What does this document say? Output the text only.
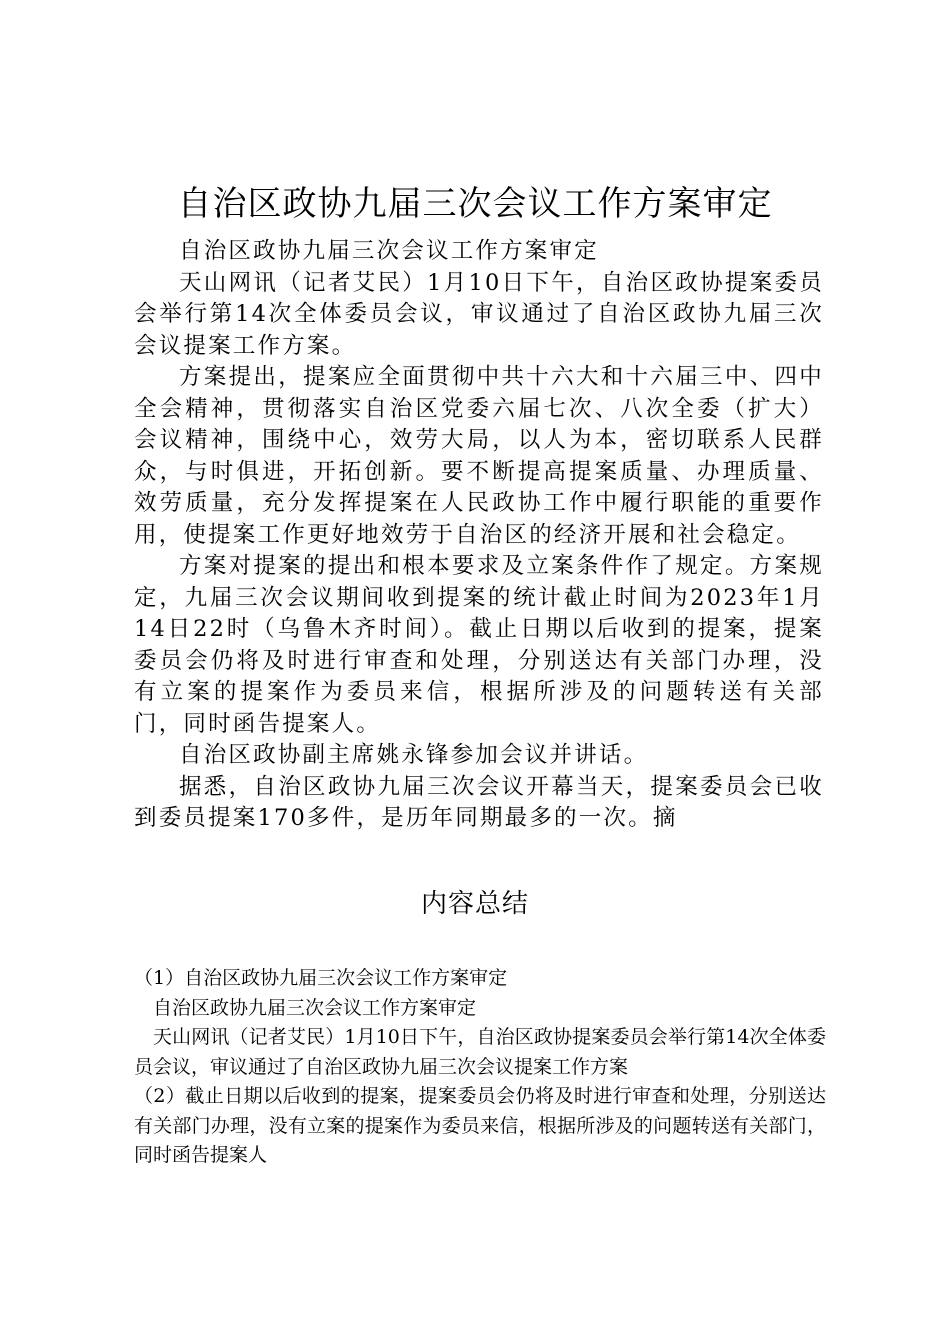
自治区政协九届三次会议工作方案审定

自治区政协九届三次会议工作方案审定

天山网讯（记者艾民）1月10日下午，自治区政协提案委员会举行第14次全体委员会议，审议通过了自治区政协九届三次会议提案工作方案。

方案提出，提案应全面贯彻中共十六大和十六届三中、四中全会精神，贯彻落实自治区党委六届七次、八次全委（扩大）会议精神，围绕中心，效劳大局，以人为本，密切联系人民群众，与时俱进，开拓创新。要不断提高提案质量、办理质量、效劳质量，充分发挥提案在人民政协工作中履行职能的重要作用，使提案工作更好地效劳于自治区的经济开展和社会稳定。

方案对提案的提出和根本要求及立案条件作了规定。方案规定，九届三次会议期间收到提案的统计截止时间为2023年1月14日22时（乌鲁木齐时间）。截止日期以后收到的提案，提案委员会仍将及时进行审查和处理，分别送达有关部门办理，没有立案的提案作为委员来信，根据所涉及的问题转送有关部门，同时函告提案人。

自治区政协副主席姚永锋参加会议并讲话。

据悉，自治区政协九届三次会议开幕当天，提案委员会已收到委员提案170多件，是历年同期最多的一次。摘

内容总结

（1）自治区政协九届三次会议工作方案审定

自治区政协九届三次会议工作方案审定

天山网讯（记者艾民）1月10日下午，自治区政协提案委员会举行第14次全体委员会议，审议通过了自治区政协九届三次会议提案工作方案

（2）截止日期以后收到的提案，提案委员会仍将及时进行审查和处理，分别送达有关部门办理，没有立案的提案作为委员来信，根据所涉及的问题转送有关部门，同时函告提案人
